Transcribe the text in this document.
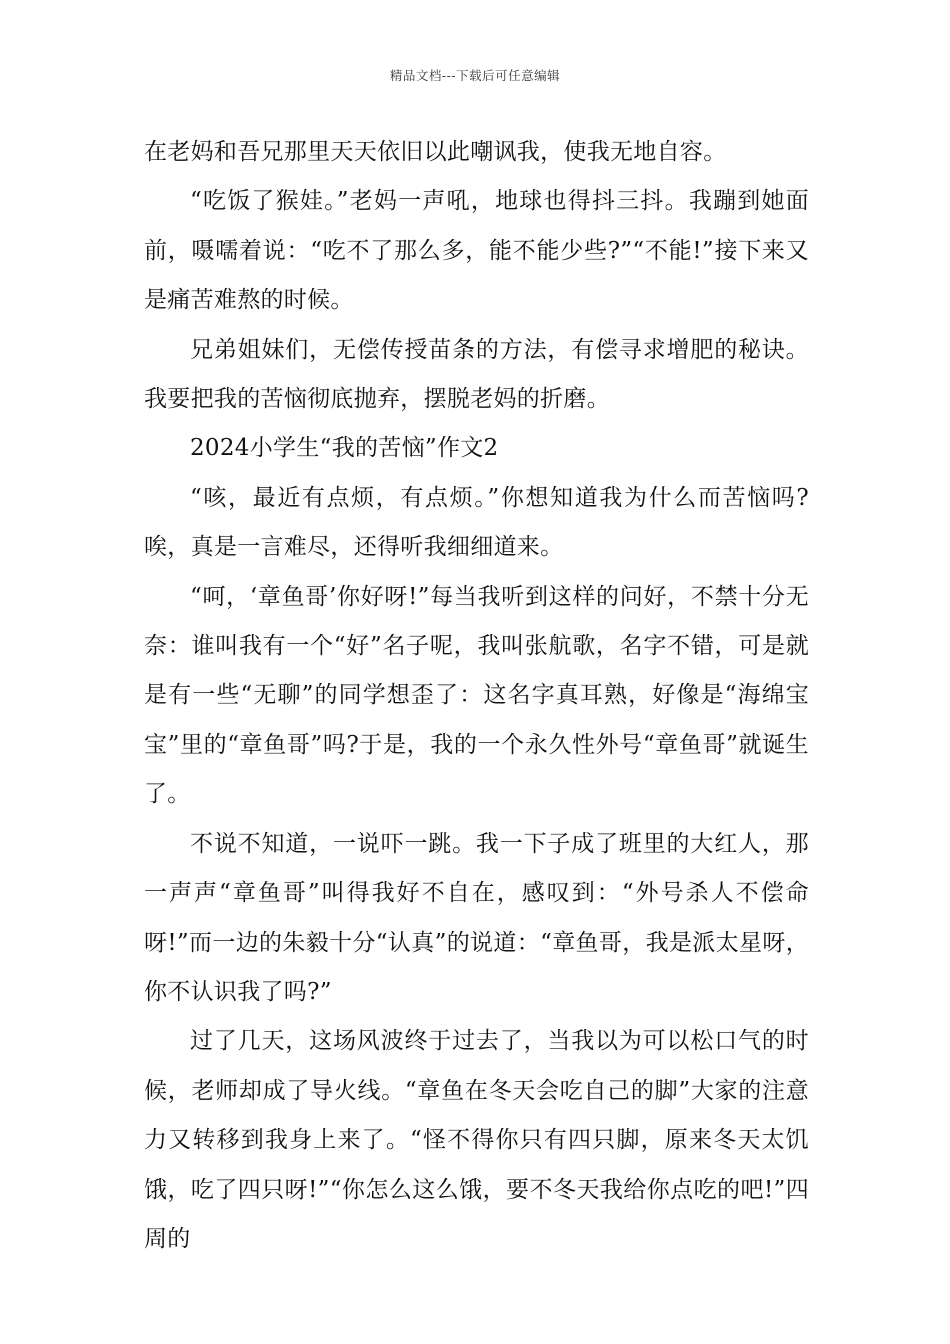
精品文档---下载后可任意编辑

在老妈和吾兄那里天天依旧以此嘲讽我，使我无地自容。

“吃饭了猴娃。”老妈一声吼，地球也得抖三抖。我蹦到她面前，嗫嚅着说：“吃不了那么多，能不能少些?”“不能!”接下来又是痛苦难熬的时候。

兄弟姐妹们，无偿传授苗条的方法，有偿寻求增肥的秘诀。我要把我的苦恼彻底抛弃，摆脱老妈的折磨。

2024小学生“我的苦恼”作文2

“咳，最近有点烦，有点烦。”你想知道我为什么而苦恼吗?唉，真是一言难尽，还得听我细细道来。

“呵，‘章鱼哥’你好呀!”每当我听到这样的问好，不禁十分无奈：谁叫我有一个“好”名子呢，我叫张航歌，名字不错，可是就是有一些“无聊”的同学想歪了：这名字真耳熟，好像是“海绵宝宝”里的“章鱼哥”吗?于是，我的一个永久性外号“章鱼哥”就诞生了。

不说不知道，一说吓一跳。我一下子成了班里的大红人，那一声声“章鱼哥”叫得我好不自在，感叹到：“外号杀人不偿命呀!”而一边的朱毅十分“认真”的说道：“章鱼哥，我是派太星呀，你不认识我了吗?”

过了几天，这场风波终于过去了，当我以为可以松口气的时候，老师却成了导火线。“章鱼在冬天会吃自己的脚”大家的注意力又转移到我身上来了。“怪不得你只有四只脚，原来冬天太饥饿，吃了四只呀!”“你怎么这么饿，要不冬天我给你点吃的吧!”四周的
